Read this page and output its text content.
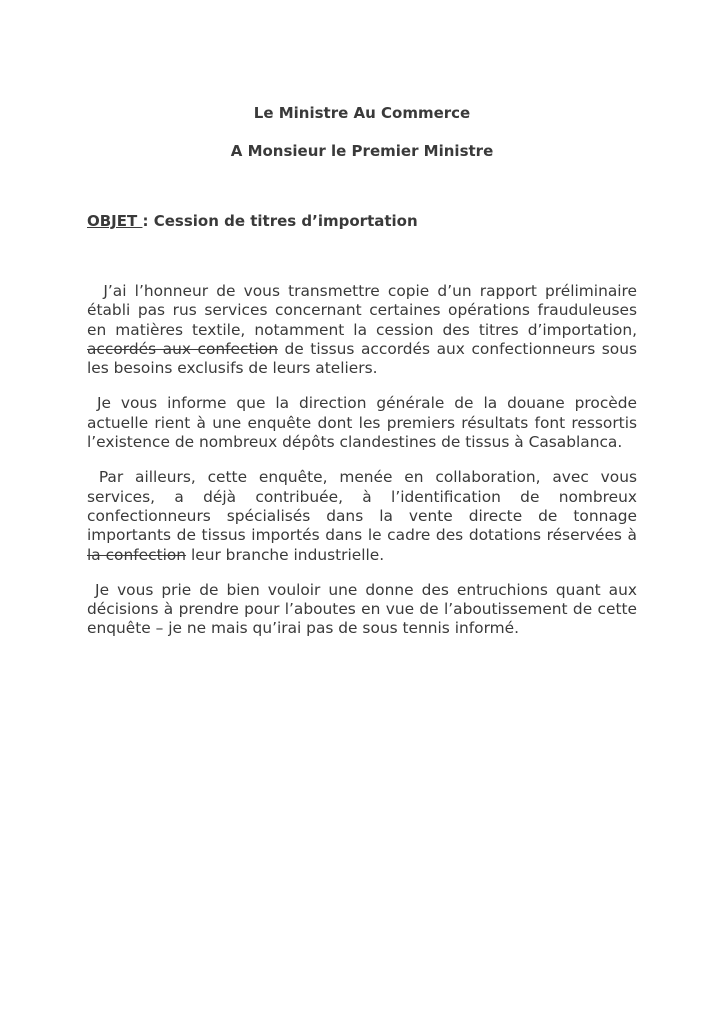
Le Ministre Au Commerce
A Monsieur le Premier Ministre
OBJET : Cession de titres d’importation

J’ai l’honneur de vous transmettre copie d’un rapport préliminaire établi pas rus services concernant certaines opérations frauduleuses en matières textile, notamment la cession des titres d’importation, accordés aux confection de tissus accordés aux confectionneurs sous les besoins exclusifs de leurs ateliers.

Je vous informe que la direction générale de la douane procède actuelle rient à une enquête dont les premiers résultats font ressortis l’existence de nombreux dépôts clandestines de tissus à Casablanca.

Par ailleurs, cette enquête, menée en collaboration, avec vous services, a déjà contribuée, à l’identification de nombreux confectionneurs spécialisés dans la vente directe de tonnage importants de tissus importés dans le cadre des dotations réservées à la confection leur branche industrielle.

Je vous prie de bien vouloir une donne des entruchions quant aux décisions à prendre pour l’aboutes en vue de l’aboutissement de cette enquête – je ne mais qu’irai pas de sous tennis informé.
